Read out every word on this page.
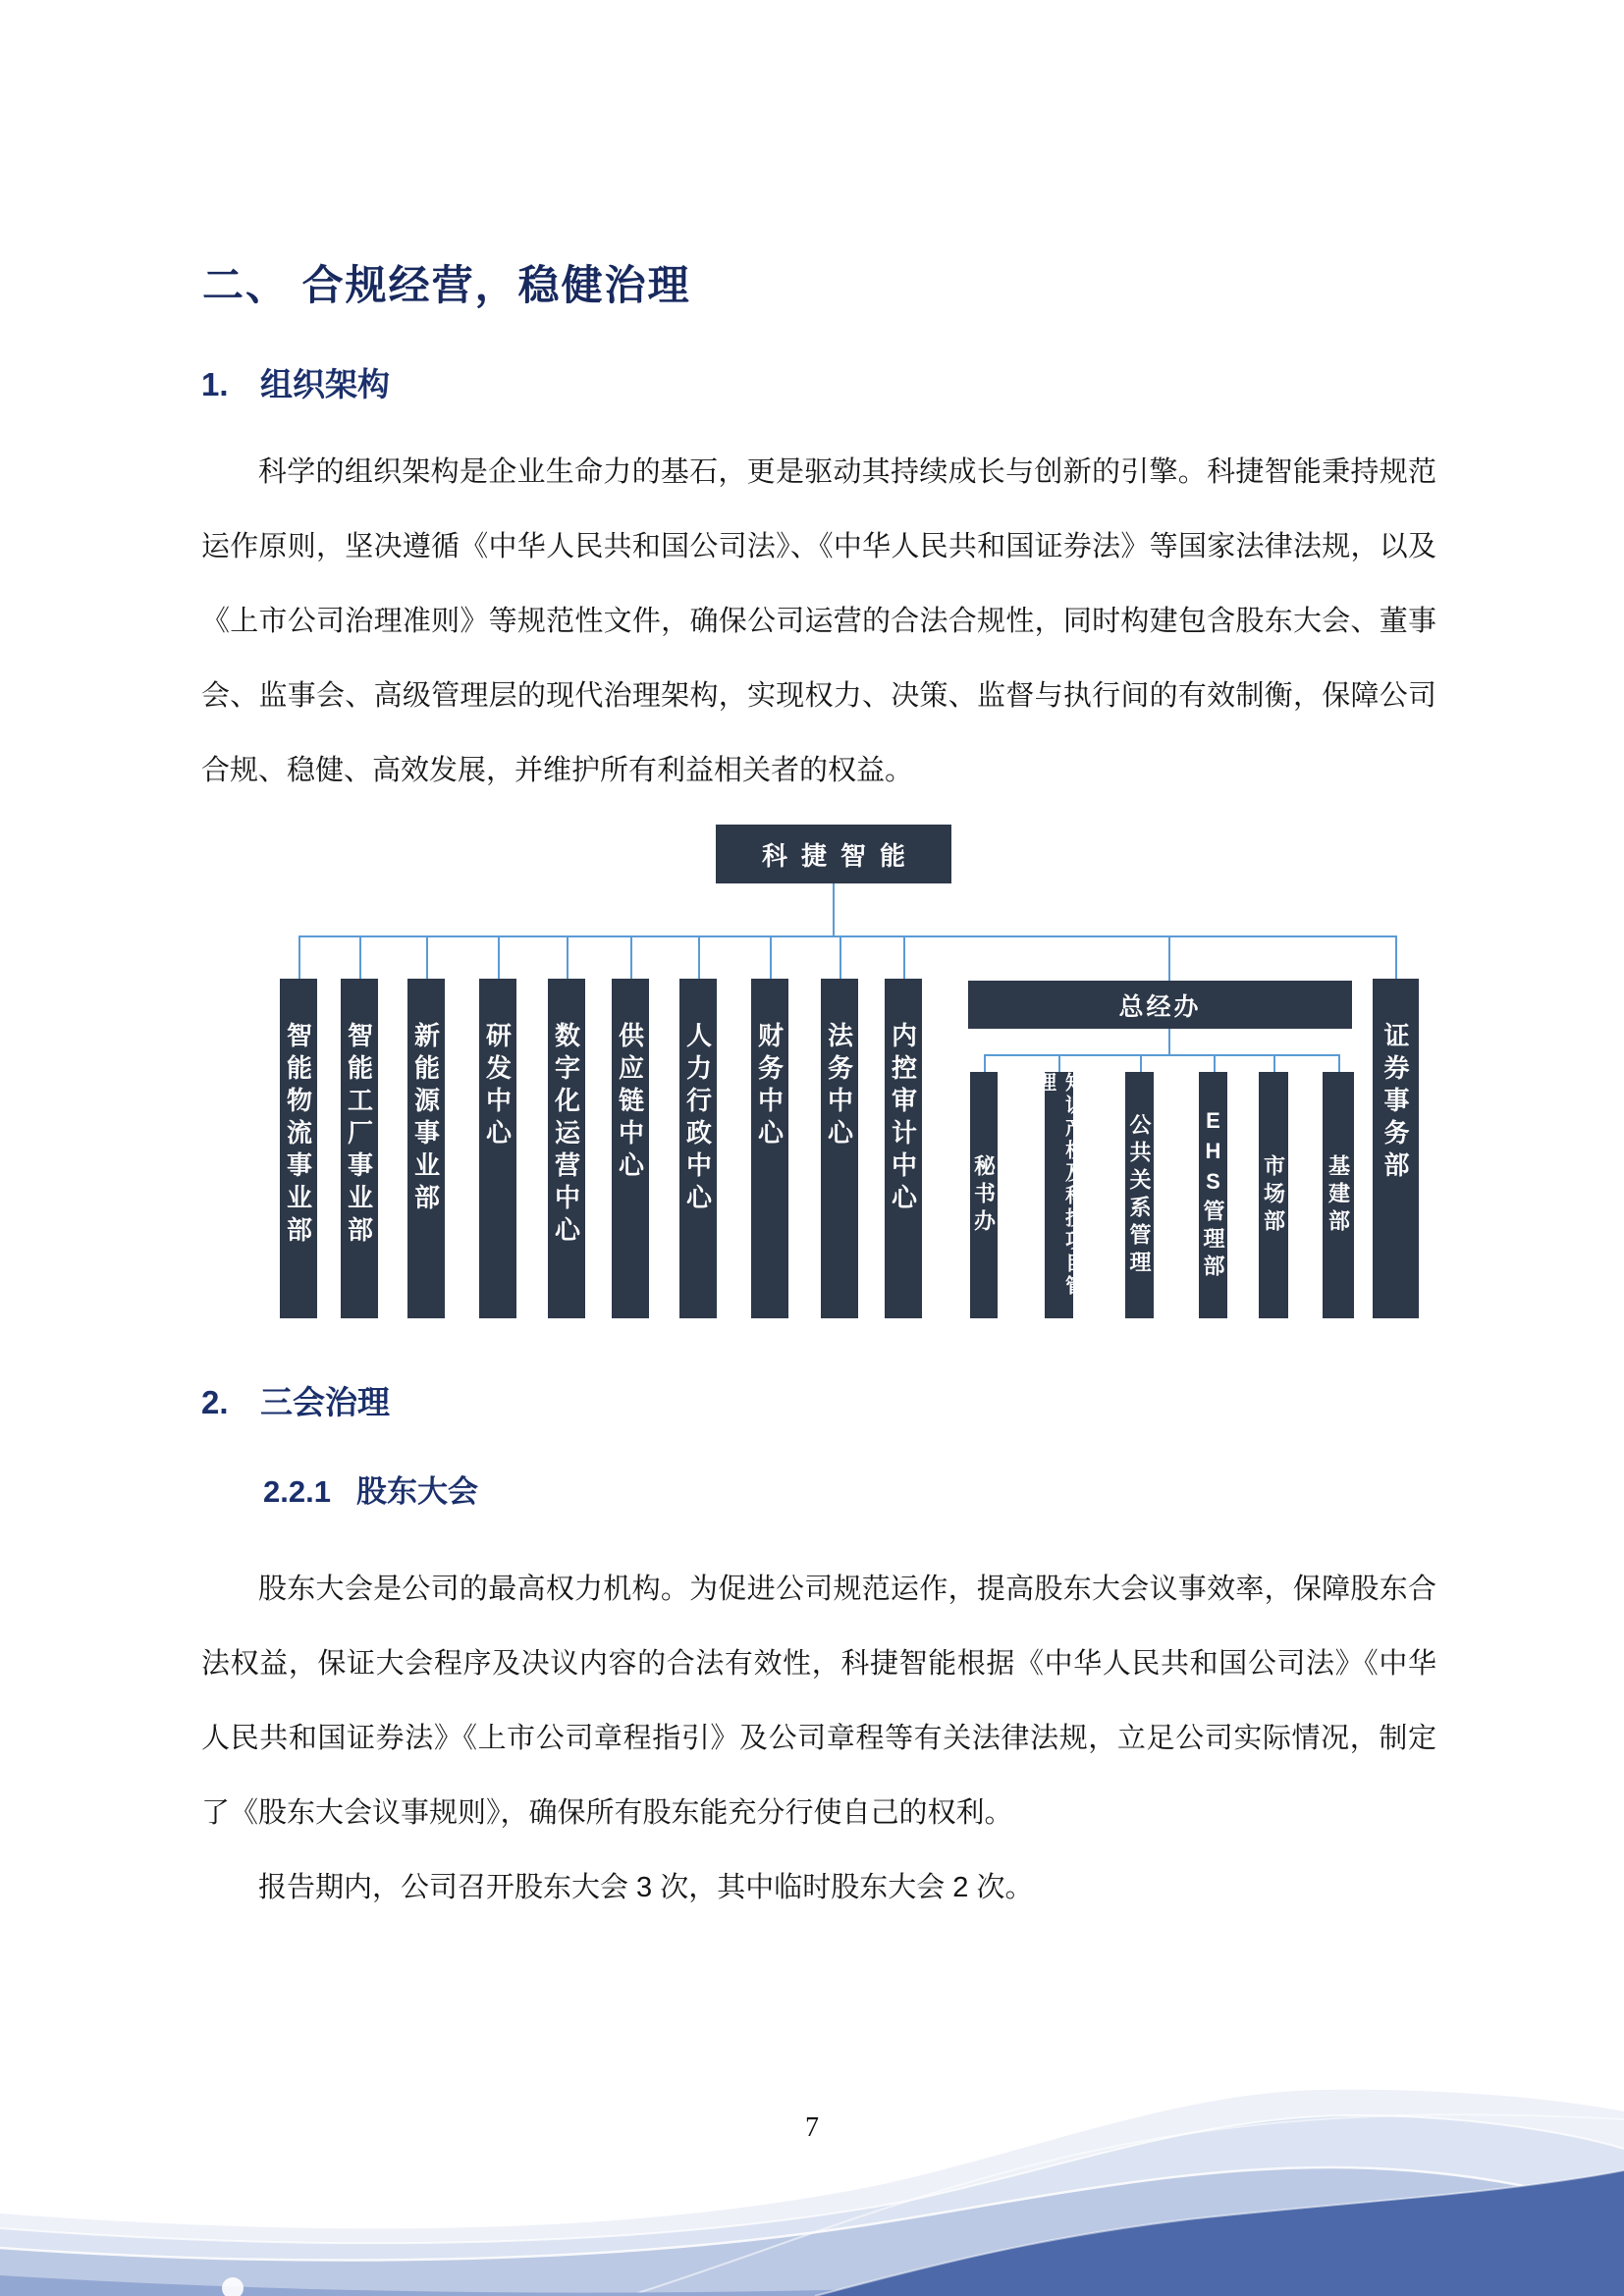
二、 合规经营，稳健治理
1. 组织架构

科学的组织架构是企业生命力的基石，更是驱动其持续成长与创新的引擎。科捷智能秉持规范运作原则，坚决遵循《中华人民共和国公司法》、《中华人民共和国证券法》等国家法律法规，以及《上市公司治理准则》等规范性文件，确保公司运营的合法合规性，同时构建包含股东大会、董事会、监事会、高级管理层的现代治理架构，实现权力、决策、监督与执行间的有效制衡，保障公司合规、稳健、高效发展，并维护所有利益相关者的权益。

科捷智能
智能物流事业部 智能工厂事业部 新能源事业部 研发中心 数字化运营中心 供应链中心 人力行政中心 财务中心 法务中心 内控审计中心
总经办
秘书办	知识产权及科技项目管理
公共关系管理 EHS管理部 市场部 基建部
证券事务部
2. 三会治理
2.2.1 股东大会

股东大会是公司的最高权力机构。为促进公司规范运作，提高股东大会议事效率，保障股东合法权益，保证大会程序及决议内容的合法有效性，科捷智能根据《中华人民共和国公司法》《中华人民共和国证券法》《上市公司章程指引》及公司章程等有关法律法规，立足公司实际情况，制定了《股东大会议事规则》，确保所有股东能充分行使自己的权利。

报告期内，公司召开股东大会 3 次，其中临时股东大会 2 次。

7
